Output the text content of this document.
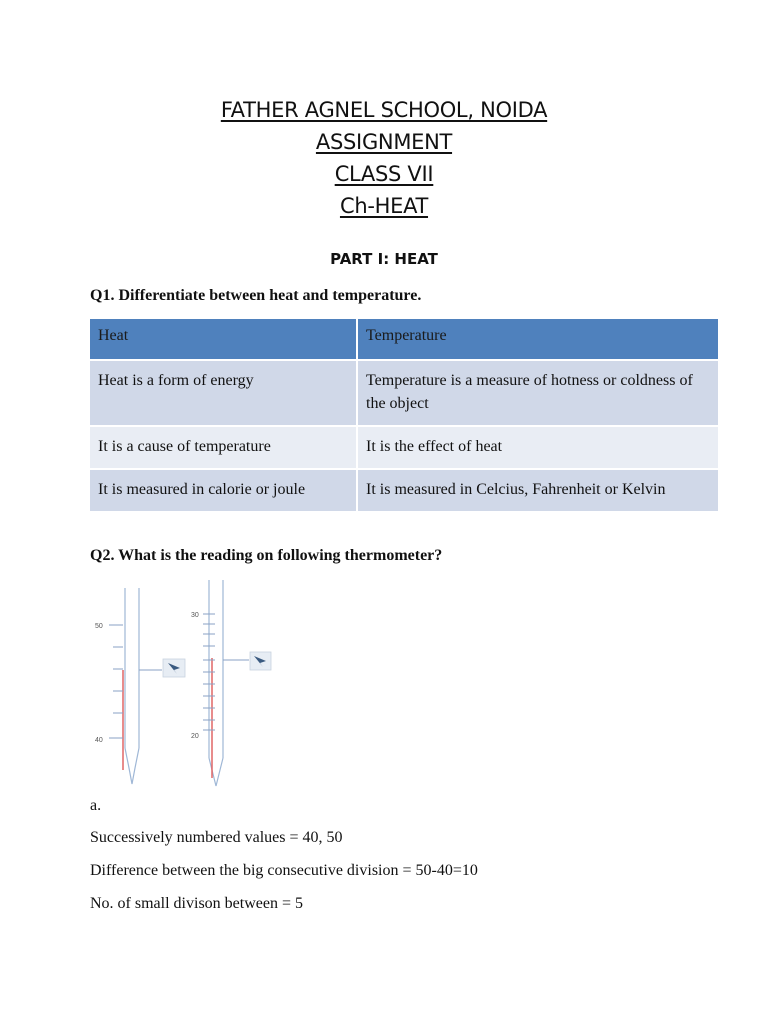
FATHER AGNEL SCHOOL, NOIDA
ASSIGNMENT
CLASS VII
Ch-HEAT
PART I: HEAT
Q1. Differentiate between heat and temperature.
Heat	Temperature
Heat is a form of energy	Temperature is a measure of hotness or coldness of the object
It is a cause of temperature	It is the effect of heat
It is measured in calorie or joule	It is measured in Celcius, Fahrenheit or Kelvin
Q2. What is the reading on following thermometer?
50
40
30
20
a.
Successively numbered values = 40, 50
Difference between the big consecutive division = 50-40=10
No. of small divison between = 5
